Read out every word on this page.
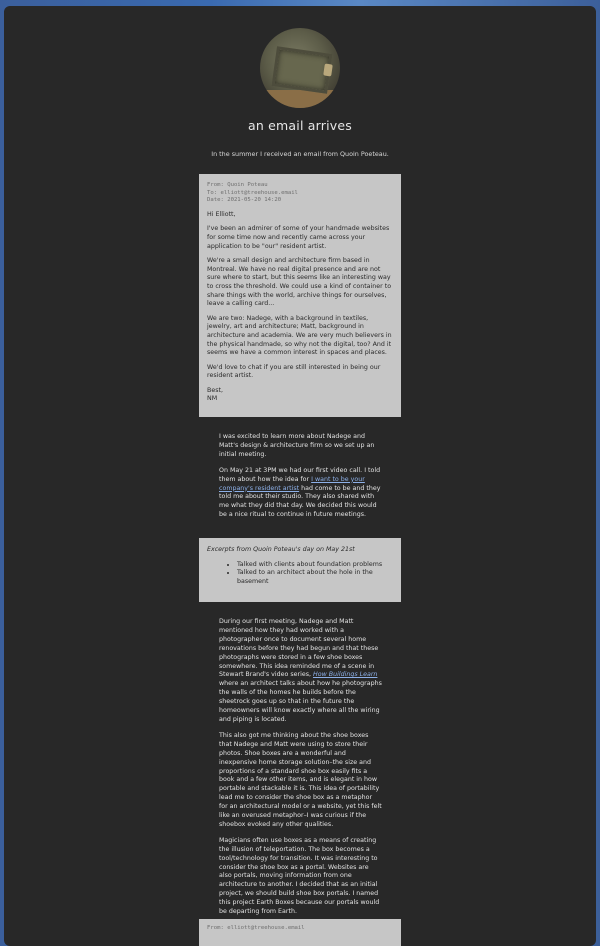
an email arrives

In the summer I received an email from Quoin Poeteau.

From: Quoin Poteau
To: elliott@treehouse.email
Date: 2021-05-20 14:20

Hi Elliott,

I've been an admirer of some of your handmade websites for some time now and recently came across your application to be "our" resident artist.

We're a small design and architecture firm based in Montreal. We have no real digital presence and are not sure where to start, but this seems like an interesting way to cross the threshold. We could use a kind of container to share things with the world, archive things for ourselves, leave a calling card...

We are two: Nadege, with a background in textiles, jewelry, art and architecture; Matt, background in architecture and academia. We are very much believers in the physical handmade, so why not the digital, too? And it seems we have a common interest in spaces and places.

We'd love to chat if you are still interested in being our resident artist.

Best,
NM

I was excited to learn more about Nadege and Matt's design & architecture firm so we set up an initial meeting.

On May 21 at 3PM we had our first video call. I told them about how the idea for I want to be your company's resident artist had come to be and they told me about their studio. They also shared with me what they did that day. We decided this would be a nice ritual to continue in future meetings.

Excerpts from Quoin Poteau's day on May 21st

• Talked with clients about foundation problems
• Talked to an architect about the hole in the basement

During our first meeting, Nadege and Matt mentioned how they had worked with a photographer once to document several home renovations before they had begun and that these photographs were stored in a few shoe boxes somewhere. This idea reminded me of a scene in Stewart Brand's video series, How Buildings Learn where an architect talks about how he photographs the walls of the homes he builds before the sheetrock goes up so that in the future the homeowners will know exactly where all the wiring and piping is located.

This also got me thinking about the shoe boxes that Nadege and Matt were using to store their photos. Shoe boxes are a wonderful and inexpensive home storage solution–the size and proportions of a standard shoe box easily fits a book and a few other items, and is elegant in how portable and stackable it is. This idea of portability lead me to consider the shoe box as a metaphor for an architectural model or a website, yet this felt like an overused metaphor–I was curious if the shoebox evoked any other qualities.

Magicians often use boxes as a means of creating the illusion of teleportation. The box becomes a tool/technology for transition. It was interesting to consider the shoe box as a portal. Websites are also portals, moving information from one architecture to another. I decided that as an initial project, we should build shoe box portals. I named this project Earth Boxes because our portals would be departing from Earth.

From: elliott@treehouse.email
